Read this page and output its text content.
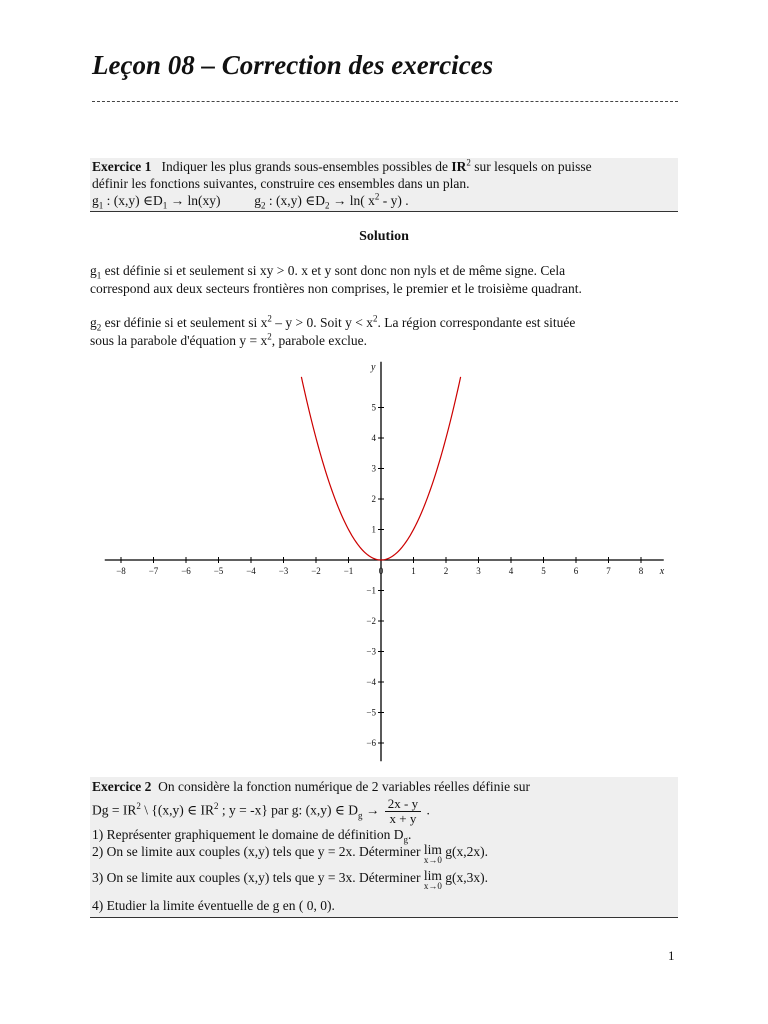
Leçon 08 – Correction des exercices
Exercice 1 Indiquer les plus grands sous-ensembles possibles de $IR^2$ sur lesquels on puisse
définir les fonctions suivantes, construire ces ensembles dans un plan.
$g_1$ : (x,y) $\in D_1 \to \ln(xy)$	$g_2$ : (x,y) $\in D_2 \to \ln$( $x^2 - y$) .
Solution
$g_1$ est définie si et seulement si xy > 0. x et y sont donc non nyls et de même signe. Cela
correspond aux deux secteurs frontières non comprises, le premier et le troisième quadrant.
$g_2$ esr définie si et seulement si $x^2 - y > 0$. Soit $y < x^2$. La région correspondante est située
sous la parabole d'équation $y = x^2$, parabole exclue.
−8	−7	−6	−5	−4	−3	−2	−1	0	1	2	3	4	5	6	7	8
−6
−5
−4
−3
−2
−1
1
2
3
4
5
x
y
Exercice 2 On considère la fonction numérique de 2 variables réelles définie sur
$Dg = IR^2$ \ {(x,y) ∈ $IR^2$ ; y = -x} par g: (x,y) ∈ $D_g \to \frac{2x - y}{x + y}$ .
1) Représenter graphiquement le domaine de définition $D_g$.
2) On se limite aux couples (x,y) tels que y = 2x. Déterminer lim
x→0
g(x,2x).
3) On se limite aux couples (x,y) tels que y = 3x. Déterminer lim
x→0
g(x,3x).
4) Etudier la limite éventuelle de g en ( 0, 0).
1
